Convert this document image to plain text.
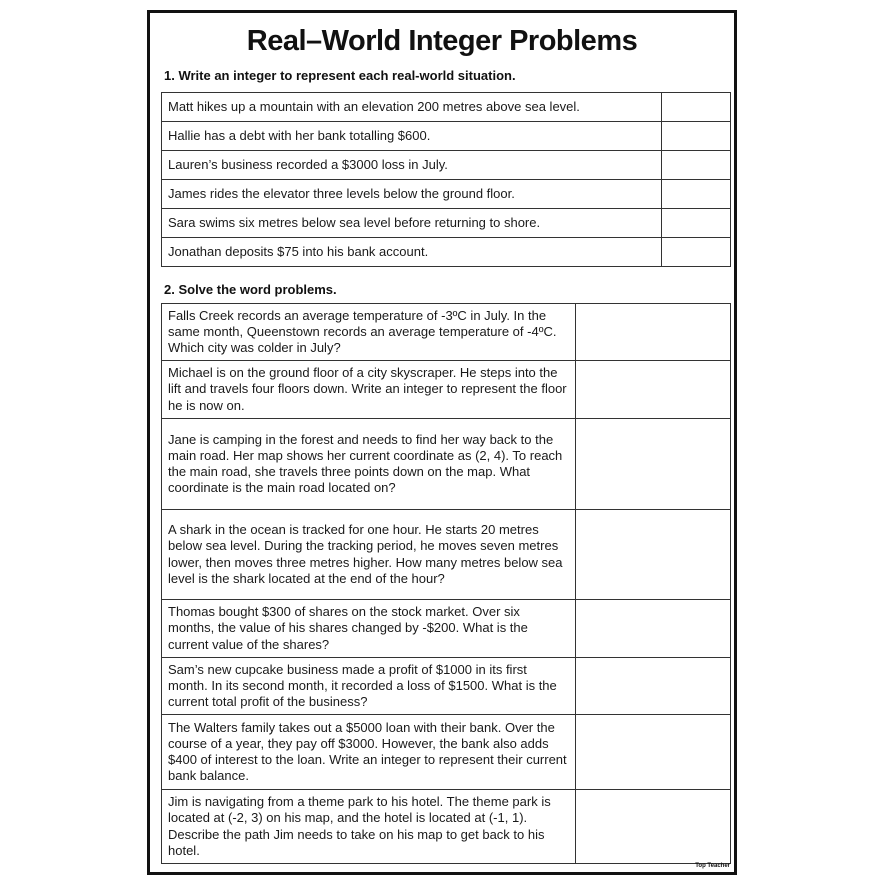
Real–World Integer Problems
1. Write an integer to represent each real-world situation.
Matt hikes up a mountain with an elevation 200 metres above sea level.	
Hallie has a debt with her bank totalling $600.	
Lauren’s business recorded a $3000 loss in July.	
James rides the elevator three levels below the ground floor.	
Sara swims six metres below sea level before returning to shore.	
Jonathan deposits $75 into his bank account.	
2. Solve the word problems.
Falls Creek records an average temperature of -3ºC in July. In the same month, Queenstown records an average temperature of -4ºC. Which city was colder in July?	
Michael is on the ground floor of a city skyscraper. He steps into the lift and travels four floors down. Write an integer to represent the floor he is now on.	
Jane is camping in the forest and needs to find her way back to the main road. Her map shows her current coordinate as (2, 4). To reach the main road, she travels three points down on the map. What coordinate is the main road located on?	
A shark in the ocean is tracked for one hour. He starts 20 metres below sea level. During the tracking period, he moves seven metres lower, then moves three metres higher. How many metres below sea level is the shark located at the end of the hour?	
Thomas bought $300 of shares on the stock market. Over six months, the value of his shares changed by -$200. What is the current value of the shares?	
Sam’s new cupcake business made a profit of $1000 in its first month. In its second month, it recorded a loss of $1500. What is the current total profit of the business?	
The Walters family takes out a $5000 loan with their bank. Over the course of a year, they pay off $3000. However, the bank also adds $400 of interest to the loan. Write an integer to represent their current bank balance.	
Jim is navigating from a theme park to his hotel. The theme park is located at (-2, 3) on his map, and the hotel is located at (-1, 1). Describe the path Jim needs to take on his map to get back to his hotel.	
Top Teacher
